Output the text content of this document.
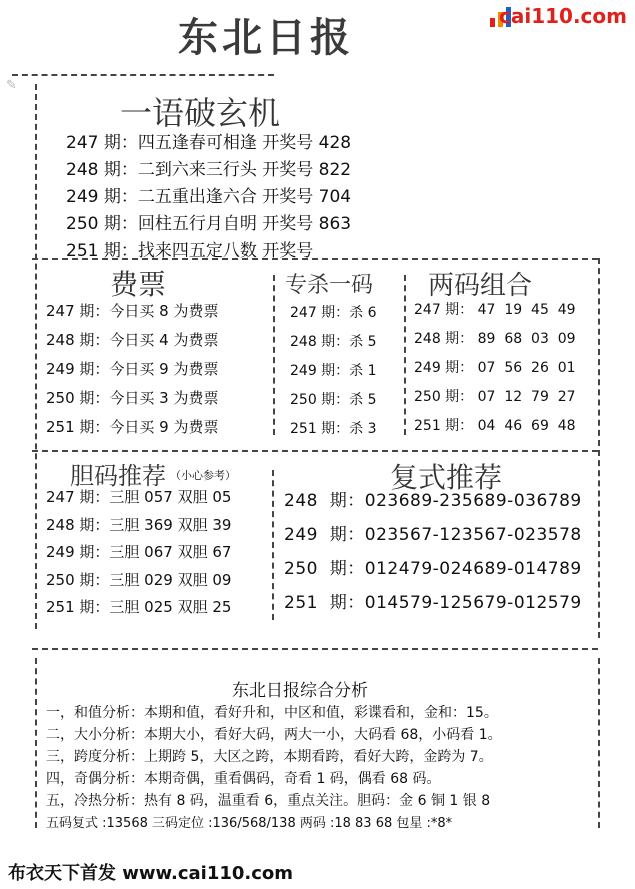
东北日报	cai110.com
✎
一语破玄机
247 期：四五逢春可相逢 开奖号 428
248 期：二到六来三行头 开奖号 822
249 期：二五重出逢六合 开奖号 704
250 期：回柱五行月自明 开奖号 863
251 期：找来四五定八数 开奖号
费票
247 期：今日买 8 为费票
248 期：今日买 4 为费票
249 期：今日买 9 为费票
250 期：今日买 3 为费票
251 期：今日买 9 为费票
专杀一码
247 期：杀 6
248 期：杀 5
249 期：杀 1
250 期：杀 5
251 期：杀 3
两码组合
247 期： 47  19  45  49
248 期： 89  68  03  09
249 期： 07  56  26  01
250 期： 07  12  79  27
251 期： 04  46  69  48
胆码推荐 （小心参考）
247 期：三胆 057 双胆 05
248 期：三胆 369 双胆 39
249 期：三胆 067 双胆 67
250 期：三胆 029 双胆 09
251 期：三胆 025 双胆 25
复式推荐
248  期：023689-235689-036789
249  期：023567-123567-023578
250  期：012479-024689-014789
251  期：014579-125679-012579
东北日报综合分析
一，和值分析：本期和值，看好升和，中区和值，彩谍看和，金和：15。
二，大小分析：本期大小，看好大码，两大一小，大码看 68，小码看 1。
三，跨度分析：上期跨 5，大区之跨，本期看跨，看好大跨，金跨为 7。
四，奇偶分析：本期奇偶，重看偶码，奇看 1 码，偶看 68 码。
五，冷热分析：热有 8 码，温重看 6，重点关注。胆码：金 6 铜 1 银 8
五码复式 :13568 三码定位 :136/568/138 两码 :18 83 68 包星 :*8*
布衣天下首发 www.cai110.com
